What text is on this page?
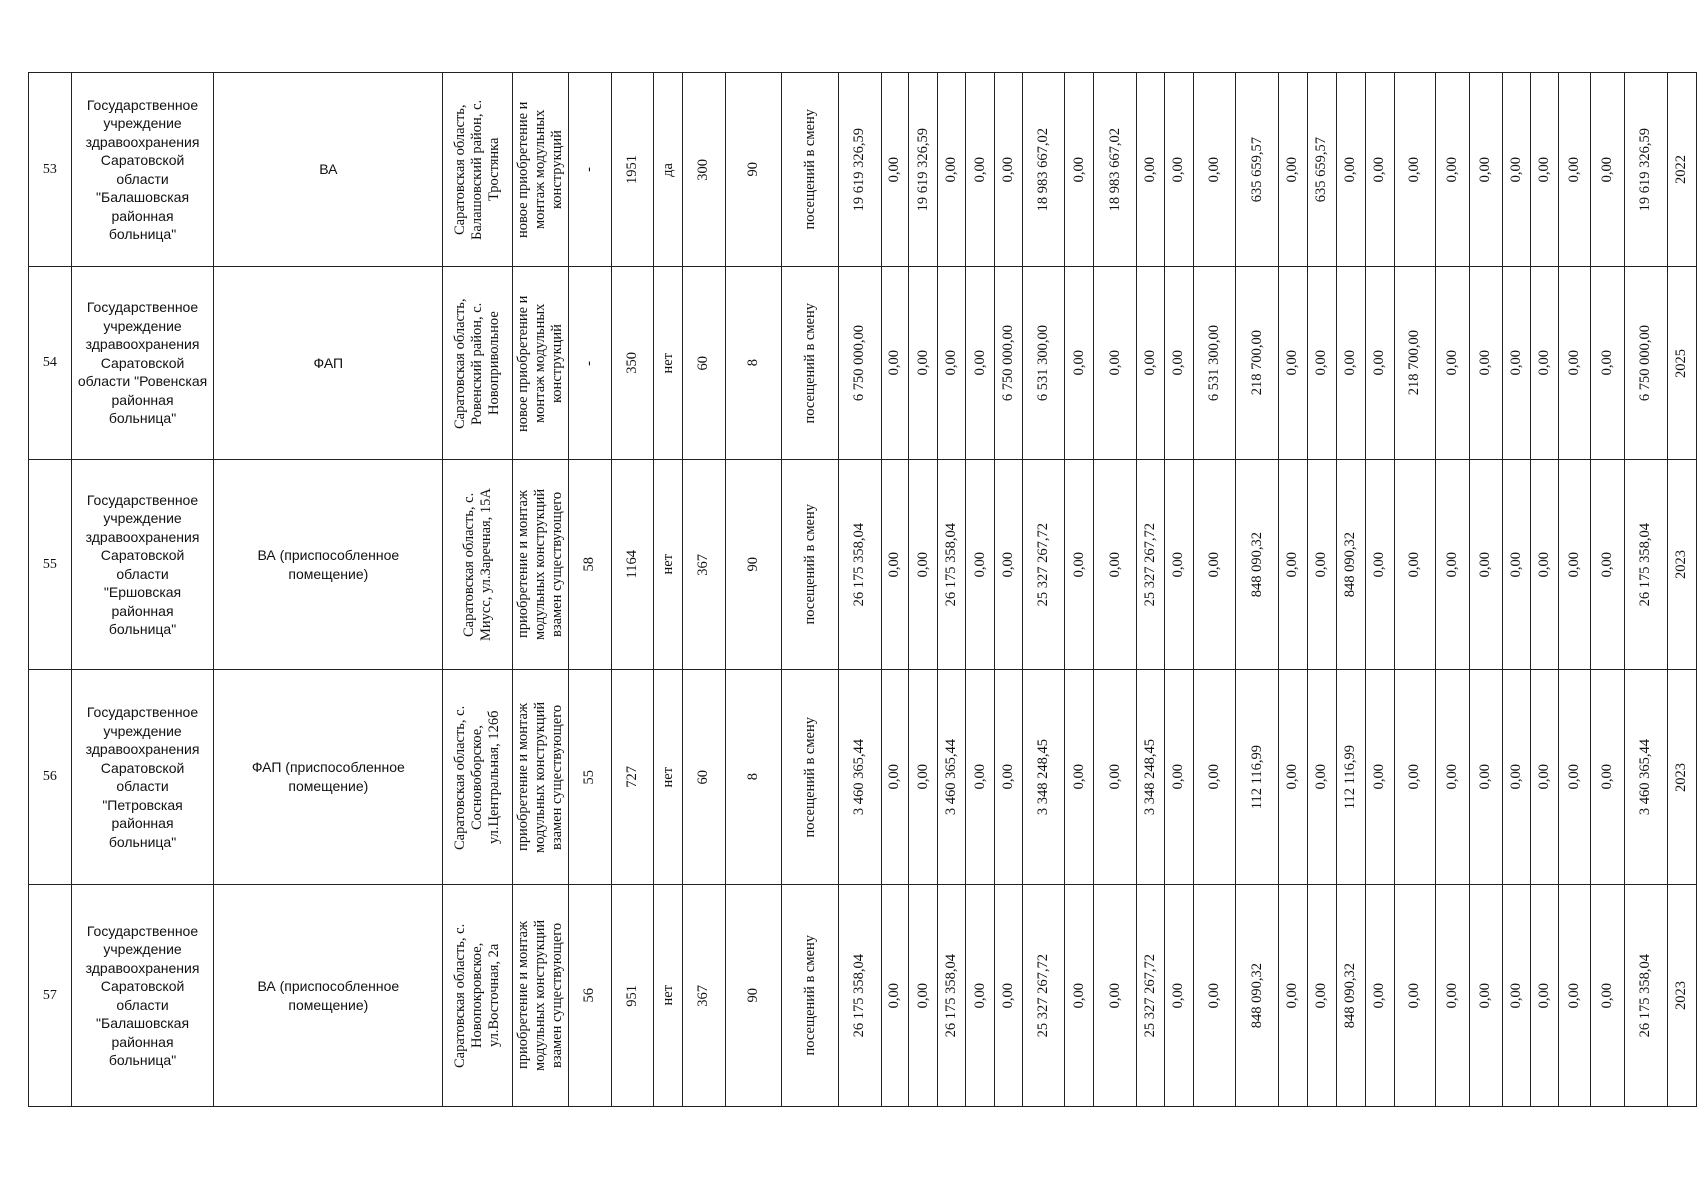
53	Государственное учреждение здравоохранения Саратовской области "Балашовская районная больница"	ВА	Саратовская область, Балашовский район, с. Тростянка	новое приобретение и монтаж модульных конструкций	-	1951	да	300	90	посещений в смену	19 619 326,59	0,00	19 619 326,59	0,00	0,00	0,00	18 983 667,02	0,00	18 983 667,02	0,00	0,00	0,00	635 659,57	0,00	635 659,57	0,00	0,00	0,00	0,00	0,00	0,00	0,00	0,00	0,00	19 619 326,59	2022

54	Государственное учреждение здравоохранения Саратовской области "Ровенская районная больница"	ФАП	Саратовская область, Ровенский район, с. Новопривольное	новое приобретение и монтаж модульных конструкций	-	350	нет	60	8	посещений в смену	6 750 000,00	0,00	0,00	0,00	0,00	6 750 000,00	6 531 300,00	0,00	0,00	0,00	0,00	6 531 300,00	218 700,00	0,00	0,00	0,00	0,00	218 700,00	0,00	0,00	0,00	0,00	0,00	0,00	6 750 000,00	2025

55	Государственное учреждение здравоохранения Саратовской области "Ершовская районная больница"	ВА (приспособленное помещение)	Саратовская область, с. Миусс, ул.Заречная, 15А	приобретение и монтаж модульных конструкций взамен существующего	58	1164	нет	367	90	посещений в смену	26 175 358,04	0,00	0,00	26 175 358,04	0,00	0,00	25 327 267,72	0,00	0,00	25 327 267,72	0,00	0,00	848 090,32	0,00	0,00	848 090,32	0,00	0,00	0,00	0,00	0,00	0,00	0,00	0,00	26 175 358,04	2023

56	Государственное учреждение здравоохранения Саратовской области "Петровская районная больница"	ФАП (приспособленное помещение)	Саратовская область, с. Сосновоборское, ул.Центральная, 126б	приобретение и монтаж модульных конструкций взамен существующего	55	727	нет	60	8	посещений в смену	3 460 365,44	0,00	0,00	3 460 365,44	0,00	0,00	3 348 248,45	0,00	0,00	3 348 248,45	0,00	0,00	112 116,99	0,00	0,00	112 116,99	0,00	0,00	0,00	0,00	0,00	0,00	0,00	0,00	3 460 365,44	2023

57	Государственное учреждение здравоохранения Саратовской области "Балашовская районная больница"	ВА (приспособленное помещение)	Саратовская область, с. Новопокровское, ул.Восточная, 2а	приобретение и монтаж модульных конструкций взамен существующего	56	951	нет	367	90	посещений в смену	26 175 358,04	0,00	0,00	26 175 358,04	0,00	0,00	25 327 267,72	0,00	0,00	25 327 267,72	0,00	0,00	848 090,32	0,00	0,00	848 090,32	0,00	0,00	0,00	0,00	0,00	0,00	0,00	0,00	26 175 358,04	2023
